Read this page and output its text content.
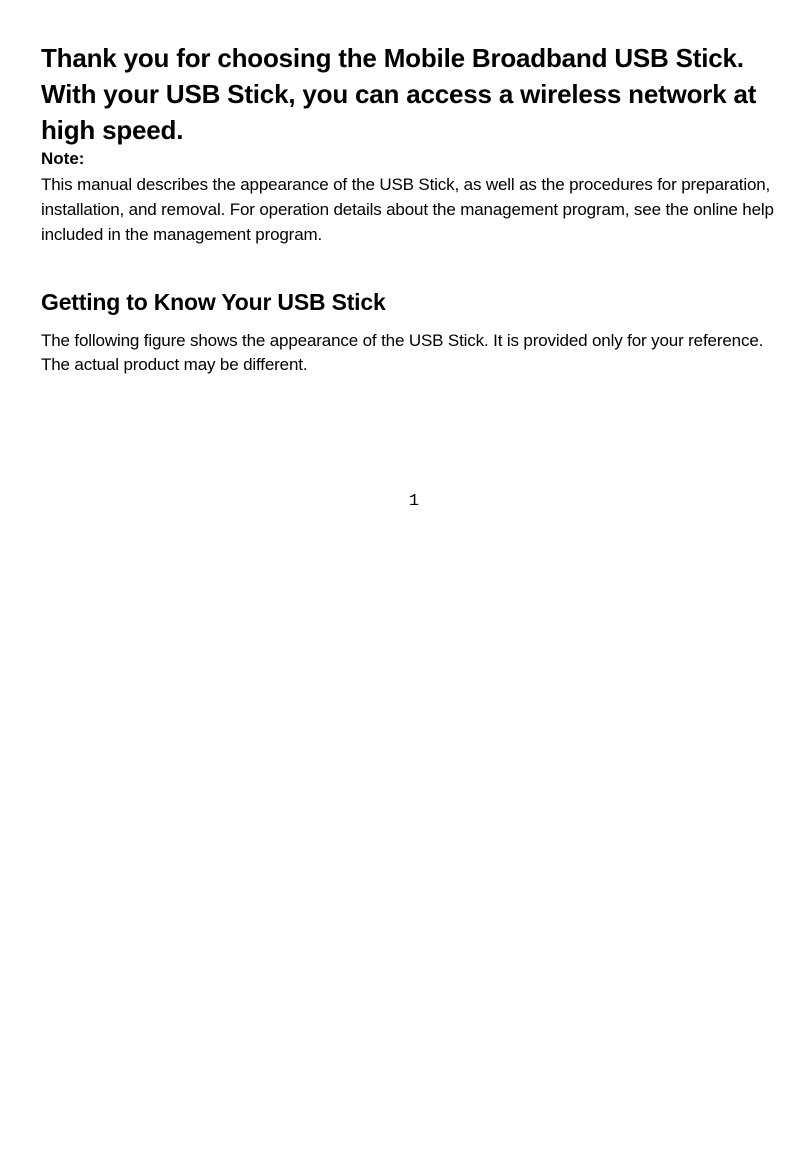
Thank you for choosing the Mobile Broadband USB Stick. With your USB Stick, you can access a wireless network at high speed.

Note:

This manual describes the appearance of the USB Stick, as well as the procedures for preparation, installation, and removal. For operation details about the management program, see the online help included in the management program.

Getting to Know Your USB Stick

The following figure shows the appearance of the USB Stick. It is provided only for your reference. The actual product may be different.

1
